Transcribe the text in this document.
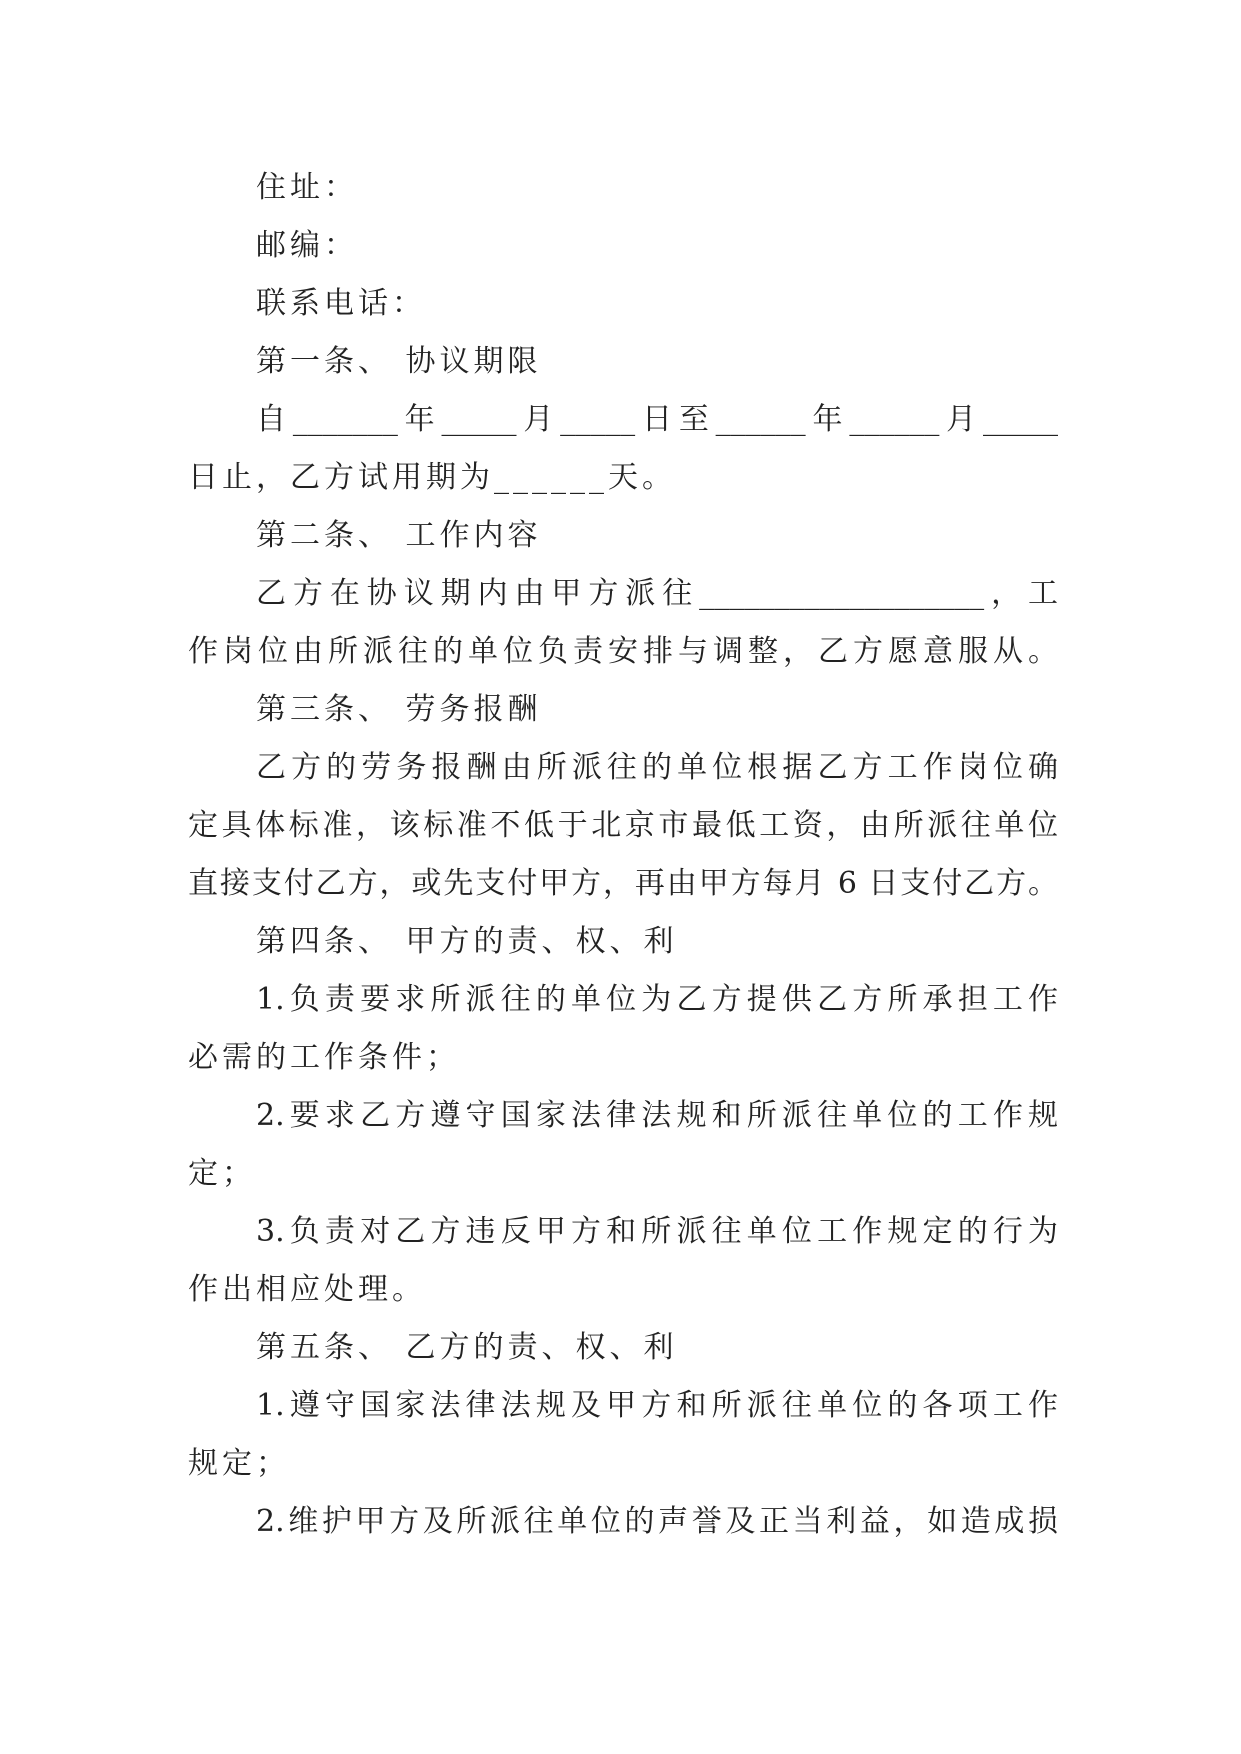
住址：
邮编：
联系电话：
第一条、 协议期限
自_______年_____月_____日至______年______月_____
日止，乙方试用期为______天。
第二条、 工作内容
乙方在协议期内由甲方派往___________________，工
作岗位由所派往的单位负责安排与调整，乙方愿意服从。
第三条、 劳务报酬
乙方的劳务报酬由所派往的单位根据乙方工作岗位确
定具体标准，该标准不低于北京市最低工资，由所派往单位
直接支付乙方，或先支付甲方，再由甲方每月 6 日支付乙方。
第四条、 甲方的责、权、利
1.负责要求所派往的单位为乙方提供乙方所承担工作
必需的工作条件；
2.要求乙方遵守国家法律法规和所派往单位的工作规
定；
3.负责对乙方违反甲方和所派往单位工作规定的行为
作出相应处理。
第五条、 乙方的责、权、利
1.遵守国家法律法规及甲方和所派往单位的各项工作
规定；
2.维护甲方及所派往单位的声誉及正当利益，如造成损
